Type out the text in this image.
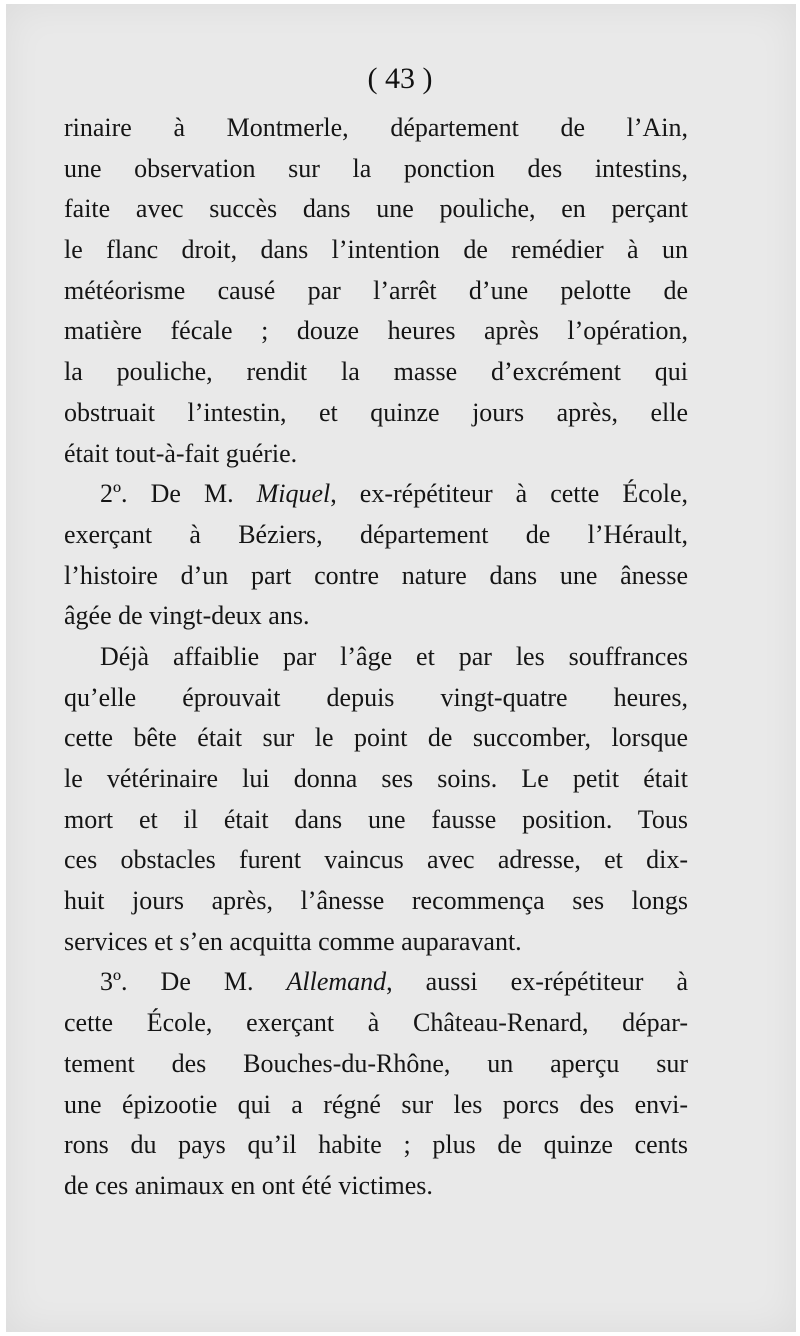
( 43 )
rinaire à Montmerle, département de l’Ain,
une observation sur la ponction des intestins,
faite avec succès dans une pouliche, en perçant
le flanc droit, dans l’intention de remédier à un
météorisme causé par l’arrêt d’une pelotte de
matière fécale ; douze heures après l’opération,
la pouliche, rendit la masse d’excrément qui
obstruait l’intestin, et quinze jours après, elle
était tout-à-fait guérie.
2º. De M. Miquel, ex-répétiteur à cette École,
exerçant à Béziers, département de l’Hérault,
l’histoire d’un part contre nature dans une ânesse
âgée de vingt-deux ans.
Déjà affaiblie par l’âge et par les souffrances
qu’elle éprouvait depuis vingt-quatre heures,
cette bête était sur le point de succomber, lorsque
le vétérinaire lui donna ses soins. Le petit était
mort et il était dans une fausse position. Tous
ces obstacles furent vaincus avec adresse, et dix-
huit jours après, l’ânesse recommença ses longs
services et s’en acquitta comme auparavant.
3º. De M. Allemand, aussi ex-répétiteur à
cette École, exerçant à Château-Renard, dépar-
tement des Bouches-du-Rhône, un aperçu sur
une épizootie qui a régné sur les porcs des envi-
rons du pays qu’il habite ; plus de quinze cents
de ces animaux en ont été victimes.
